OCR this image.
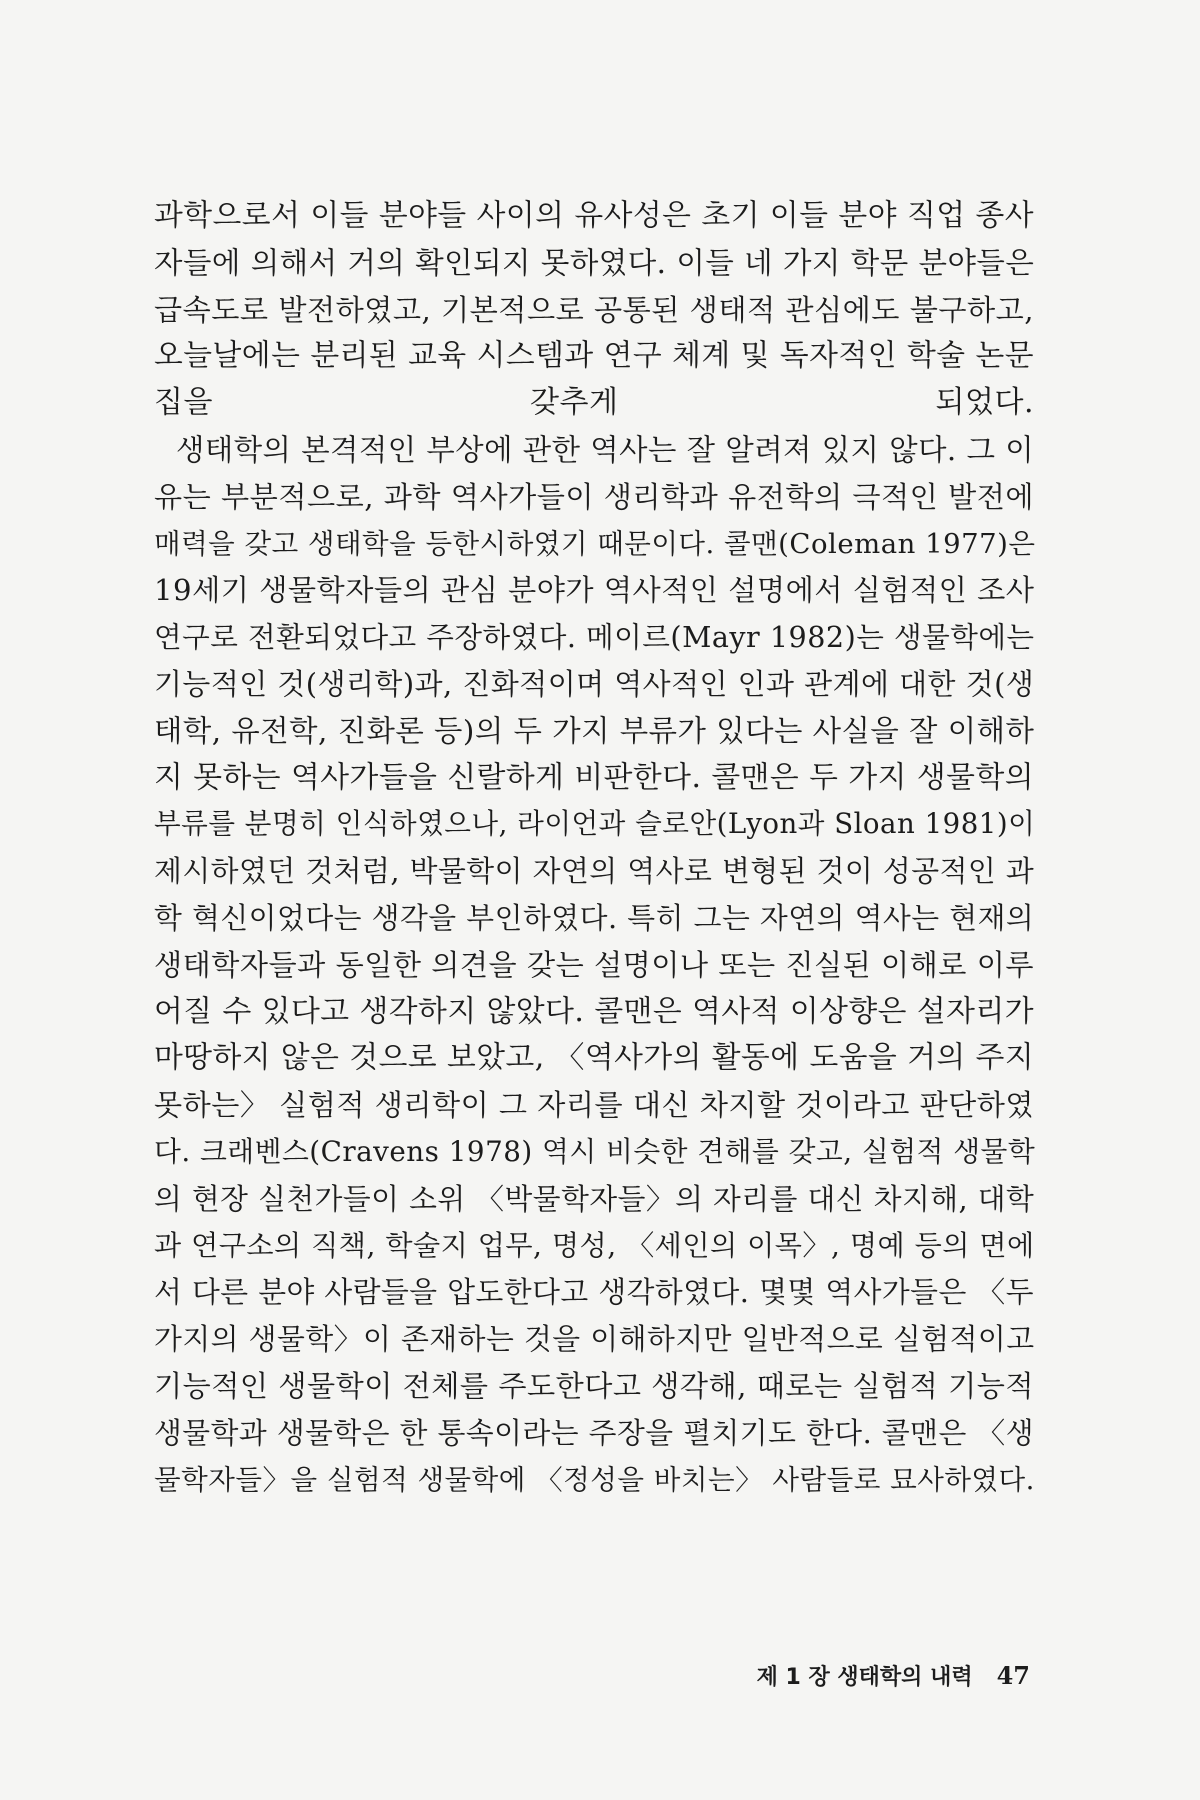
과학으로서 이들 분야들 사이의 유사성은 초기 이들 분야 직업 종사
자들에 의해서 거의 확인되지 못하였다. 이들 네 가지 학문 분야들은
급속도로 발전하였고, 기본적으로 공통된 생태적 관심에도 불구하고,
오늘날에는 분리된 교육 시스템과 연구 체계 및 독자적인 학술 논문
집을 갖추게 되었다.
생태학의 본격적인 부상에 관한 역사는 잘 알려져 있지 않다. 그 이
유는 부분적으로, 과학 역사가들이 생리학과 유전학의 극적인 발전에
매력을 갖고 생태학을 등한시하였기 때문이다. 콜맨(Coleman 1977)은
19세기 생물학자들의 관심 분야가 역사적인 설명에서 실험적인 조사
연구로 전환되었다고 주장하였다. 메이르(Mayr 1982)는 생물학에는
기능적인 것(생리학)과, 진화적이며 역사적인 인과 관계에 대한 것(생
태학, 유전학, 진화론 등)의 두 가지 부류가 있다는 사실을 잘 이해하
지 못하는 역사가들을 신랄하게 비판한다. 콜맨은 두 가지 생물학의
부류를 분명히 인식하였으나, 라이언과 슬로안(Lyon과 Sloan 1981)이
제시하였던 것처럼, 박물학이 자연의 역사로 변형된 것이 성공적인 과
학 혁신이었다는 생각을 부인하였다. 특히 그는 자연의 역사는 현재의
생태학자들과 동일한 의견을 갖는 설명이나 또는 진실된 이해로 이루
어질 수 있다고 생각하지 않았다. 콜맨은 역사적 이상향은 설자리가
마땅하지 않은 것으로 보았고, 〈역사가의 활동에 도움을 거의 주지
못하는〉 실험적 생리학이 그 자리를 대신 차지할 것이라고 판단하였
다. 크래벤스(Cravens 1978) 역시 비슷한 견해를 갖고, 실험적 생물학
의 현장 실천가들이 소위 〈박물학자들〉의 자리를 대신 차지해, 대학
과 연구소의 직책, 학술지 업무, 명성, 〈세인의 이목〉, 명예 등의 면에
서 다른 분야 사람들을 압도한다고 생각하였다. 몇몇 역사가들은 〈두
가지의 생물학〉이 존재하는 것을 이해하지만 일반적으로 실험적이고
기능적인 생물학이 전체를 주도한다고 생각해, 때로는 실험적 기능적
생물학과 생물학은 한 통속이라는 주장을 펼치기도 한다. 콜맨은 〈생
물학자들〉을 실험적 생물학에 〈정성을 바치는〉 사람들로 묘사하였다.
제 1 장 생태학의 내력 47
